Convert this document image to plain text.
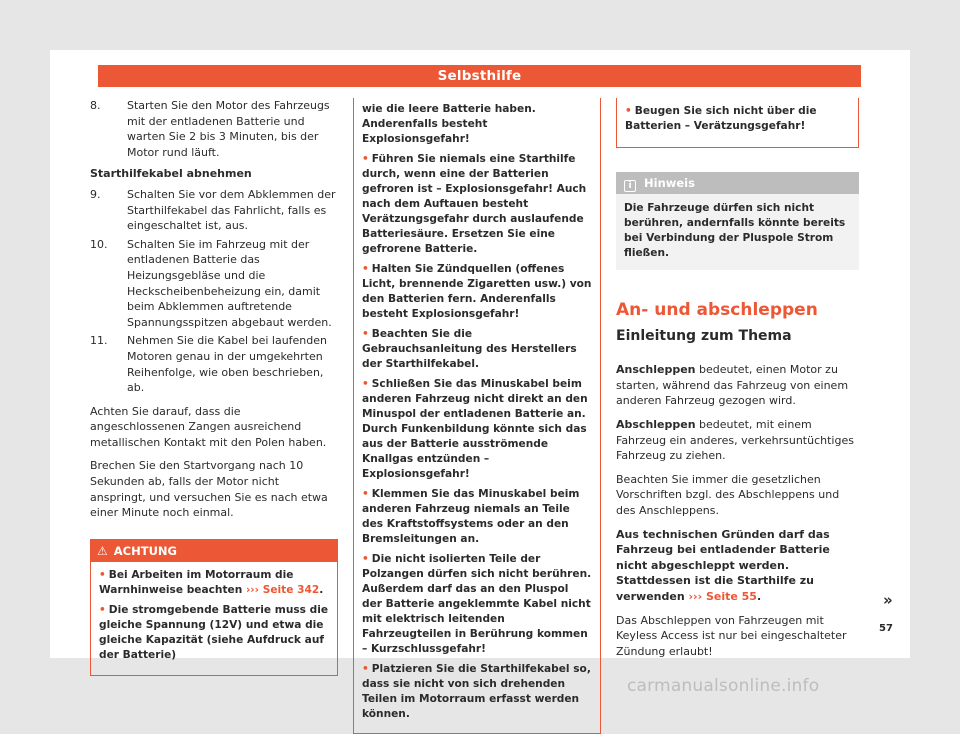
Selbsthilfe
8. Starten Sie den Motor des Fahrzeugs mit der entladenen Batterie und warten Sie 2 bis 3 Minuten, bis der Motor rund läuft.
Starthilfekabel abnehmen
9. Schalten Sie vor dem Abklemmen der Starthilfekabel das Fahrlicht, falls es eingeschaltet ist, aus.
10. Schalten Sie im Fahrzeug mit der entladenen Batterie das Heizungsgebläse und die Heckscheibenbeheizung ein, damit beim Abklemmen auftretende Spannungsspitzen abgebaut werden.
11. Nehmen Sie die Kabel bei laufenden Motoren genau in der umgekehrten Reihenfolge, wie oben beschrieben, ab.
Achten Sie darauf, dass die angeschlossenen Zangen ausreichend metallischen Kontakt mit den Polen haben.
Brechen Sie den Startvorgang nach 10 Sekunden ab, falls der Motor nicht anspringt, und versuchen Sie es nach etwa einer Minute noch einmal.
⚠ ACHTUNG
• Bei Arbeiten im Motorraum die Warnhinweise beachten ››› Seite 342.
• Die stromgebende Batterie muss die gleiche Spannung (12V) und etwa die gleiche Kapazität (siehe Aufdruck auf der Batterie)
wie die leere Batterie haben. Anderenfalls besteht Explosionsgefahr!
• Führen Sie niemals eine Starthilfe durch, wenn eine der Batterien gefroren ist – Explosionsgefahr! Auch nach dem Auftauen besteht Verätzungsgefahr durch auslaufende Batteriesäure. Ersetzen Sie eine gefrorene Batterie.
• Halten Sie Zündquellen (offenes Licht, brennende Zigaretten usw.) von den Batterien fern. Anderenfalls besteht Explosionsgefahr!
• Beachten Sie die Gebrauchsanleitung des Herstellers der Starthilfekabel.
• Schließen Sie das Minuskabel beim anderen Fahrzeug nicht direkt an den Minuspol der entladenen Batterie an. Durch Funkenbildung könnte sich das aus der Batterie ausströmende Knallgas entzünden – Explosionsgefahr!
• Klemmen Sie das Minuskabel beim anderen Fahrzeug niemals an Teile des Kraftstoffsystems oder an den Bremsleitungen an.
• Die nicht isolierten Teile der Polzangen dürfen sich nicht berühren. Außerdem darf das an den Pluspol der Batterie angeklemmte Kabel nicht mit elektrisch leitenden Fahrzeugteilen in Berührung kommen – Kurzschlussgefahr!
• Platzieren Sie die Starthilfekabel so, dass sie nicht von sich drehenden Teilen im Motorraum erfasst werden können.
• Beugen Sie sich nicht über die Batterien – Verätzungsgefahr!
i Hinweis
Die Fahrzeuge dürfen sich nicht berühren, andernfalls könnte bereits bei Verbindung der Pluspole Strom fließen.
An- und abschleppen
Einleitung zum Thema

Anschleppen bedeutet, einen Motor zu starten, während das Fahrzeug von einem anderen Fahrzeug gezogen wird.

Abschleppen bedeutet, mit einem Fahrzeug ein anderes, verkehrsuntüchtiges Fahrzeug zu ziehen.

Beachten Sie immer die gesetzlichen Vorschriften bzgl. des Abschleppens und des Anschleppens.

Aus technischen Gründen darf das Fahrzeug bei entladender Batterie nicht abgeschleppt werden. Stattdessen ist die Starthilfe zu verwenden ››› Seite 55.

Das Abschleppen von Fahrzeugen mit Keyless Access ist nur bei eingeschalteter Zündung erlaubt!

»
57
carmanualsonline.info
